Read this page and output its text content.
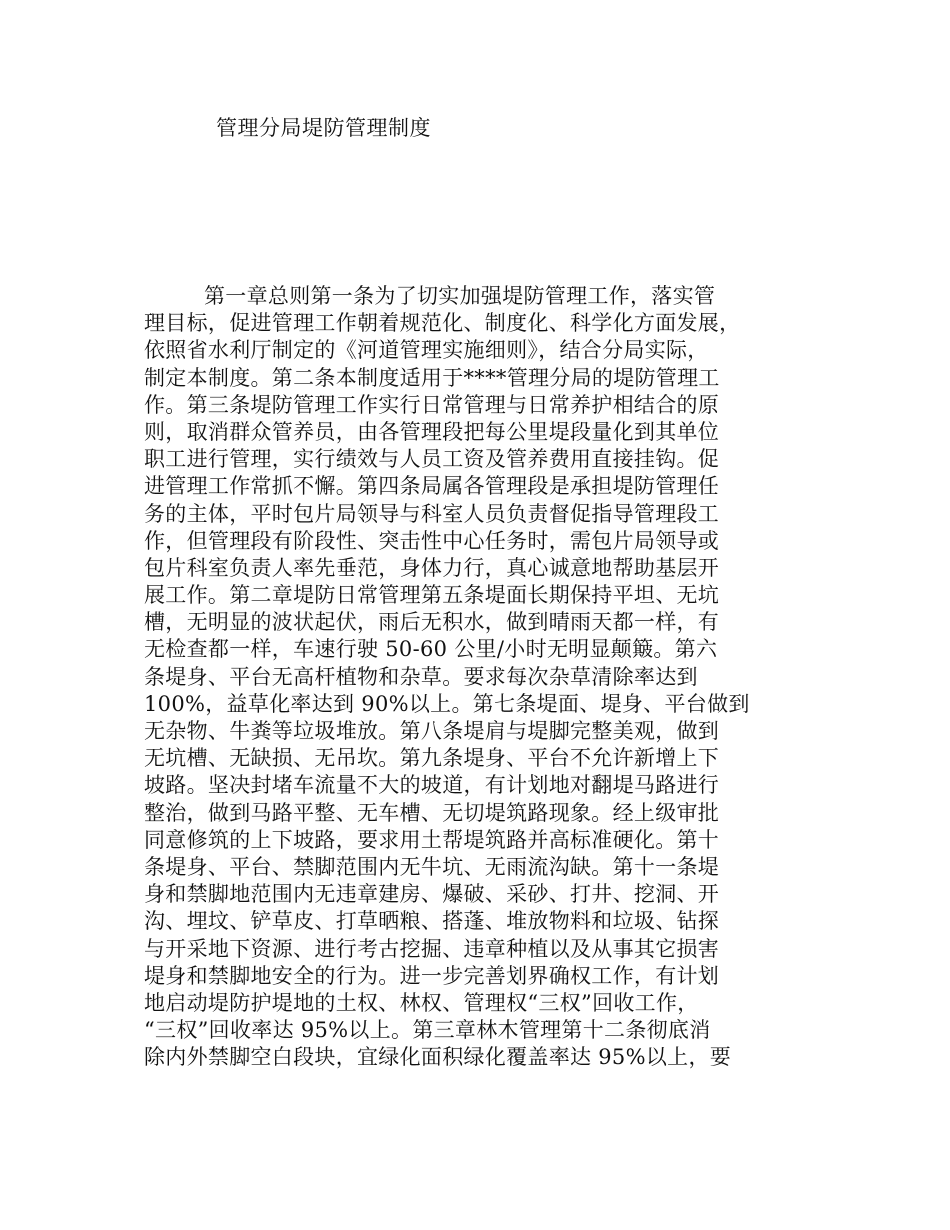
管理分局堤防管理制度
第一章总则第一条为了切实加强堤防管理工作，落实管
理目标，促进管理工作朝着规范化、制度化、科学化方面发展，
依照省水利厅制定的《河道管理实施细则》，结合分局实际，
制定本制度。第二条本制度适用于****管理分局的堤防管理工
作。第三条堤防管理工作实行日常管理与日常养护相结合的原
则，取消群众管养员，由各管理段把每公里堤段量化到其单位
职工进行管理，实行绩效与人员工资及管养费用直接挂钩。促
进管理工作常抓不懈。第四条局属各管理段是承担堤防管理任
务的主体，平时包片局领导与科室人员负责督促指导管理段工
作，但管理段有阶段性、突击性中心任务时，需包片局领导或
包片科室负责人率先垂范，身体力行，真心诚意地帮助基层开
展工作。第二章堤防日常管理第五条堤面长期保持平坦、无坑
槽，无明显的波状起伏，雨后无积水，做到晴雨天都一样，有
无检查都一样，车速行驶 50-60 公里/小时无明显颠簸。第六
条堤身、平台无高杆植物和杂草。要求每次杂草清除率达到
100%，益草化率达到 90%以上。第七条堤面、堤身、平台做到
无杂物、牛粪等垃圾堆放。第八条堤肩与堤脚完整美观，做到
无坑槽、无缺损、无吊坎。第九条堤身、平台不允许新增上下
坡路。坚决封堵车流量不大的坡道，有计划地对翻堤马路进行
整治，做到马路平整、无车槽、无切堤筑路现象。经上级审批
同意修筑的上下坡路，要求用土帮堤筑路并高标准硬化。第十
条堤身、平台、禁脚范围内无牛坑、无雨流沟缺。第十一条堤
身和禁脚地范围内无违章建房、爆破、采砂、打井、挖洞、开
沟、埋坟、铲草皮、打草晒粮、搭蓬、堆放物料和垃圾、钻探
与开采地下资源、进行考古挖掘、违章种植以及从事其它损害
堤身和禁脚地安全的行为。进一步完善划界确权工作，有计划
地启动堤防护堤地的土权、林权、管理权“三权”回收工作，
“三权”回收率达 95%以上。第三章林木管理第十二条彻底消
除内外禁脚空白段块，宜绿化面积绿化覆盖率达 95%以上，要
